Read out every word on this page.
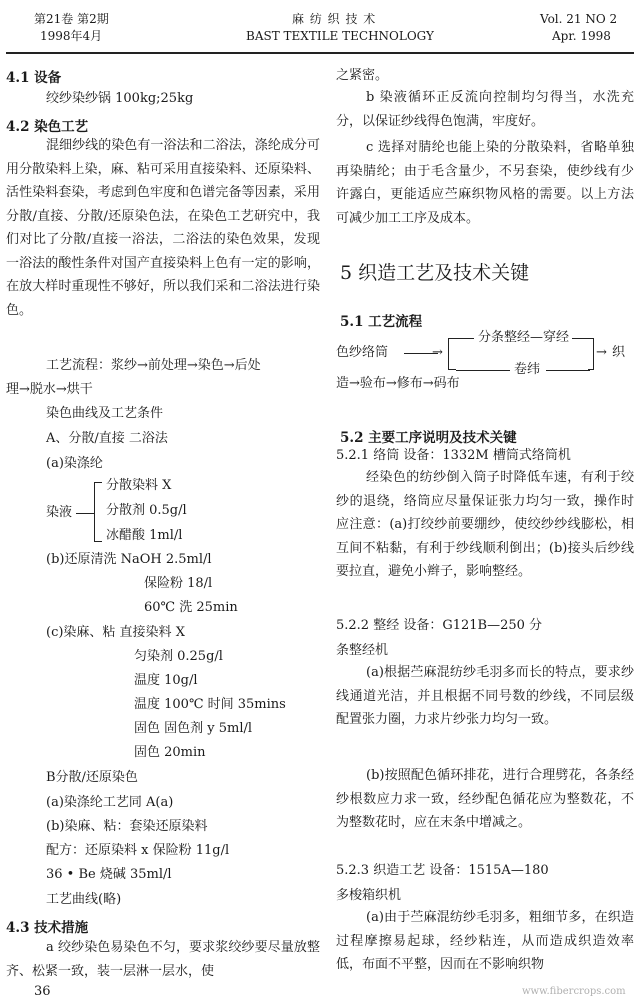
第21卷 第2期
1998年4月
麻 纺 织 技 术
BAST TEXTILE TECHNOLOGY
Vol. 21 NO 2
Apr. 1998
4.1 设备
绞纱染纱锅 100kg;25kg
4.2 染色工艺
混细纱线的染色有一浴法和二浴法，涤纶成分可用分散染料上染，麻、粘可采用直接染料、还原染料、活性染料套染，考虑到色牢度和色谱完备等因素，采用分散/直接、分散/还原染色法，在染色工艺研究中，我们对比了分散/直接一浴法，二浴法的染色效果，发现一浴法的酸性条件对国产直接染料上色有一定的影响，在放大样时重现性不够好，所以我们采和二浴法进行染色。
工艺流程：浆纱→前处理→染色→后处
理→脱水→烘干
染色曲线及工艺条件
A、分散/直接 二浴法
(a)染涤纶
染液
分散染料 X
分散剂 0.5g/l
冰醋酸 1ml/l
(b)还原清洗 NaOH 2.5ml/l
保险粉 18/l
60℃ 洗 25min
(c)染麻、粘 直接染料 X
匀染剂 0.25g/l
温度 10g/l
温度 100℃ 时间 35mins
固色 固色剂 y 5ml/l
固色 20min
B分散/还原染色
(a)染涤纶工艺同 A(a)
(b)染麻、粘：套染还原染料
配方：还原染料 x 保险粉 11g/l
36 • Be 烧碱 35ml/l
工艺曲线(略)
4.3 技术措施
a 绞纱染色易染色不匀，要求浆绞纱要尽量放整齐、松紧一致，装一层淋一层水，使
36
之紧密。
b 染液循环正反流向控制均匀得当，水洗充分，以保证纱线得色饱满，牢度好。
c 选择对腈纶也能上染的分散染料，省略单独再染腈纶；由于毛含量少，不另套染，使纱线有少许露白，更能适应苎麻织物风格的需要。以上方法可减少加工工序及成本。
5 织造工艺及技术关键
5.1 工艺流程
色纱络筒	→
分条整经—穿经
卷纬
→ 织
造→验布→修布→码布
5.2 主要工序说明及技术关键
5.2.1 络筒 设备：1332M 槽筒式络筒机
经染色的纺纱倒入筒子时降低车速，有利于绞纱的退绕，络筒应尽量保证张力均匀一致，操作时应注意：(a)打绞纱前要绷纱，使绞纱纱线膨松，相互间不粘黏，有利于纱线顺利倒出；(b)接头后纱线要拉直，避免小辫子，影响整经。
5.2.2 整经 设备：G121B—250 分
条整经机
(a)根据苎麻混纺纱毛羽多而长的特点，要求纱线通道光洁，并且根据不同号数的纱线，不同层级配置张力圈，力求片纱张力均匀一致。
(b)按照配色循环排花，进行合理劈花，各条经纱根数应力求一致，经纱配色循花应为整数花，不为整数花时，应在末条中增减之。
5.2.3 织造工艺 设备：1515A—180
多梭箱织机
(a)由于苎麻混纺纱毛羽多，粗细节多，在织造过程摩擦易起球，经纱粘连，从而造成织造效率低，布面不平整，因而在不影响织物
www.fibercrops.com
